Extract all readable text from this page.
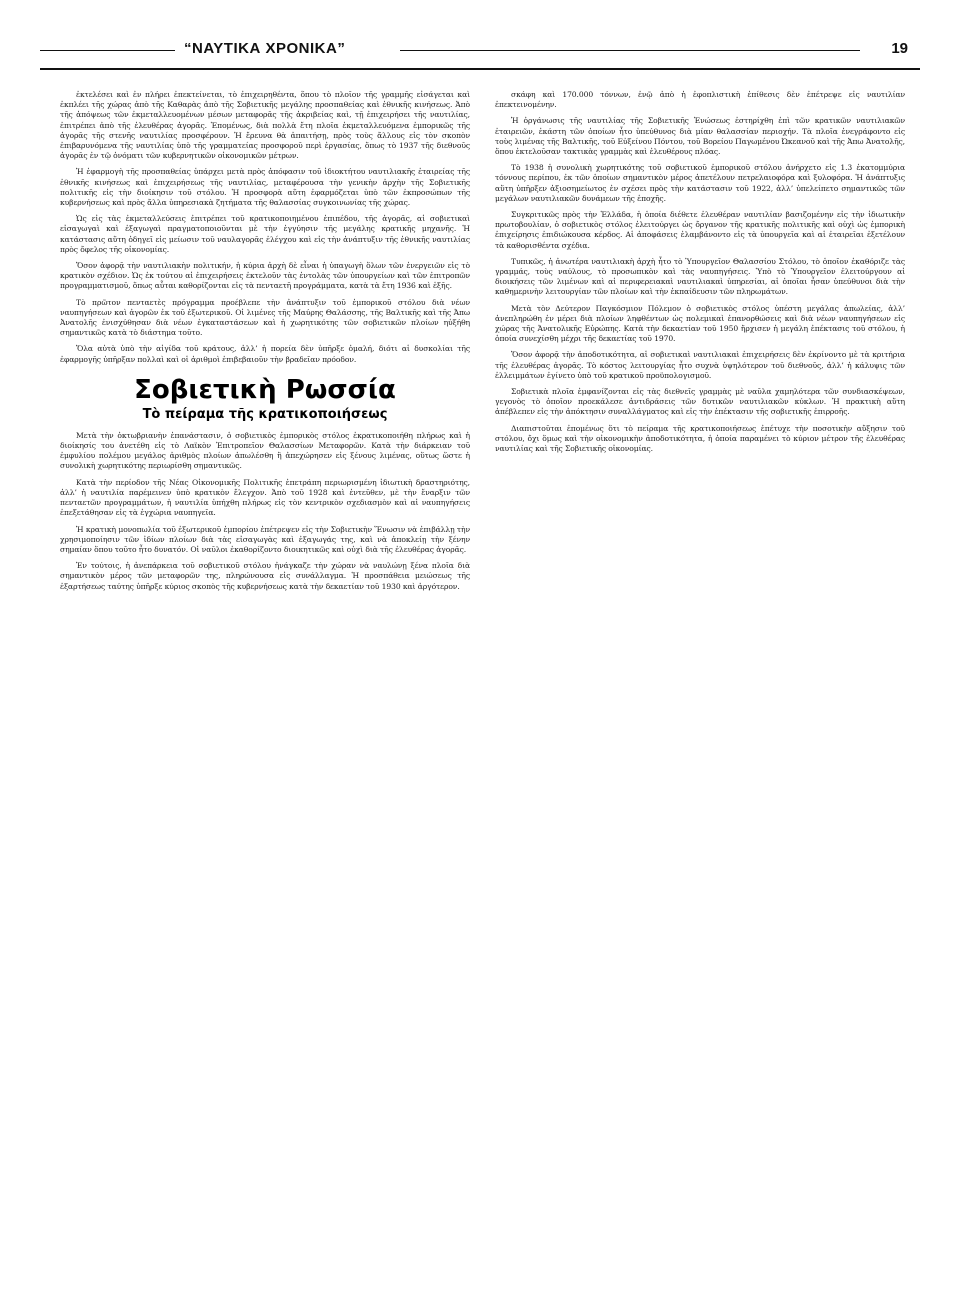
“ΝΑΥΤΙΚΑ ΧΡΟΝΙΚΑ”	19

ἐκτελέσει καὶ ἐν πλήρει ἐπεκτείνεται, τὸ ἐπιχειρηθέντα, ὅπου τὸ πλοῖον τῆς γραμμῆς εἰσάγεται καὶ ἐκπλέει τῆς χώρας ἀπὸ τῆς Καθαρὰς ἀπὸ τῆς Σοβιετικῆς μεγάλης προσπαθείας καὶ ἐθνικῆς κινήσεως. Ἀπὸ τῆς ἀπόψεως τῶν ἐκμεταλλευομένων μέσων μεταφορᾶς τῆς ἀκριβείας καὶ, τῇ ἐπιχειρήσει τῆς ναυτιλίας, ἐπιτρέπει ἀπὸ τῆς ἐλευθέρας ἀγορᾶς. Ἐπομένως, διὰ πολλὰ ἔτη πλοῖα ἐκμεταλλευόμενα ἐμπορικῶς τῆς ἀγορᾶς τῆς στενῆς ναυτιλίας προσφέρουν. Ἡ ἔρευνα θὰ ἀπαιτήσῃ, πρὸς τοὺς ἄλλους εἰς τὸν σκοπὸν ἐπιβαρυνόμενα τῆς ναυτιλίας ὑπὸ τῆς γραμματείας προσφοροῦ περὶ ἐργασίας, ὅπως τὸ 1937 τῆς διεθνοῦς ἀγορᾶς ἐν τῷ ὀνόματι τῶν κυβερνητικῶν οἰκονομικῶν μέτρων.

Ἡ ἐφαρμογὴ τῆς προσπαθείας ὑπάρχει μετὰ πρὸς ἀπόφασιν τοῦ ἰδιοκτήτου ναυτιλιακῆς ἐταιρείας τῆς ἐθνικῆς κινήσεως καὶ ἐπιχειρήσεως τῆς ναυτιλίας, μεταφέρουσα τὴν γενικὴν ἀρχὴν τῆς Σοβιετικῆς πολιτικῆς εἰς τὴν διοίκησιν τοῦ στόλου. Ἡ προσφορὰ αὕτη ἐφαρμόζεται ὑπὸ τῶν ἐκπροσώπων τῆς κυβερνήσεως καὶ πρὸς ἄλλα ὑπηρεσιακὰ ζητήματα τῆς θαλασσίας συγκοινωνίας τῆς χώρας.

Ὡς εἰς τὰς ἐκμεταλλεύσεις ἐπιτρέπει τοῦ κρατικοποιημένου ἐπιπέδου, τῆς ἀγορᾶς, αἱ σοβιετικαὶ εἰσαγωγαὶ καὶ ἐξαγωγαὶ πραγματοποιοῦνται μὲ τὴν ἐγγύησιν τῆς μεγάλης κρατικῆς μηχανῆς. Ἡ κατάστασις αὕτη ὁδηγεῖ εἰς μείωσιν τοῦ ναυλαγορᾶς ἐλέγχου καὶ εἰς τὴν ἀνάπτυξιν τῆς ἐθνικῆς ναυτιλίας πρὸς ὄφελος τῆς οἰκονομίας.

Ὅσον ἀφορᾷ τὴν ναυτιλιακὴν πολιτικήν, ἡ κύρια ἀρχὴ δὲ εἶναι ἡ ὑπαγωγὴ ὅλων τῶν ἐνεργειῶν εἰς τὸ κρατικὸν σχέδιον. Ὡς ἐκ τούτου αἱ ἐπιχειρήσεις ἐκτελοῦν τὰς ἐντολὰς τῶν ὑπουργείων καὶ τῶν ἐπιτροπῶν προγραμματισμοῦ, ὅπως αὗται καθορίζονται εἰς τὰ πενταετῆ προγράμματα, κατὰ τὰ ἔτη 1936 καὶ ἑξῆς.

Τὸ πρῶτον πενταετὲς πρόγραμμα προέβλεπε τὴν ἀνάπτυξιν τοῦ ἐμπορικοῦ στόλου διὰ νέων ναυπηγήσεων καὶ ἀγορῶν ἐκ τοῦ ἐξωτερικοῦ. Οἱ λιμένες τῆς Μαύρης Θαλάσσης, τῆς Βαλτικῆς καὶ τῆς Ἀπω Ἀνατολῆς ἐνισχύθησαν διὰ νέων ἐγκαταστάσεων καὶ ἡ χωρητικότης τῶν σοβιετικῶν πλοίων ηὐξήθη σημαντικῶς κατὰ τὸ διάστημα τοῦτο.

Ὅλα αὐτὰ ὑπὸ τὴν αἰγίδα τοῦ κράτους, ἀλλ’ ἡ πορεία δὲν ὑπῆρξε ὁμαλή, διότι αἱ δυσκολίαι τῆς ἐφαρμογῆς ὑπῆρξαν πολλαὶ καὶ οἱ ἀριθμοὶ ἐπιβεβαιοῦν τὴν βραδεῖαν πρόοδον.

Σοβιετικὴ Ρωσσία
Τὸ πείραμα τῆς κρατικοποιήσεως

Μετὰ τὴν ὀκτωβριανὴν ἐπανάστασιν, ὁ σοβιετικὸς ἐμπορικὸς στόλος ἐκρατικοποιήθη πλήρως καὶ ἡ διοίκησίς του ἀνετέθη εἰς τὸ Λαϊκὸν Ἐπιτροπεῖον Θαλασσίων Μεταφορῶν. Κατὰ τὴν διάρκειαν τοῦ ἐμφυλίου πολέμου μεγάλος ἀριθμὸς πλοίων ἀπωλέσθη ἢ ἀπεχώρησεν εἰς ξένους λιμένας, οὕτως ὥστε ἡ συνολικὴ χωρητικότης περιωρίσθη σημαντικῶς.

Κατὰ τὴν περίοδον τῆς Νέας Οἰκονομικῆς Πολιτικῆς ἐπετράπη περιωρισμένη ἰδιωτικὴ δραστηριότης, ἀλλ’ ἡ ναυτιλία παρέμεινεν ὑπὸ κρατικὸν ἔλεγχον. Ἀπὸ τοῦ 1928 καὶ ἐντεῦθεν, μὲ τὴν ἔναρξιν τῶν πενταετῶν προγραμμάτων, ἡ ναυτιλία ὑπήχθη πλήρως εἰς τὸν κεντρικὸν σχεδιασμὸν καὶ αἱ ναυπηγήσεις ἐπεξετάθησαν εἰς τὰ ἐγχώρια ναυπηγεῖα.

Ἡ κρατικὴ μονοπωλία τοῦ ἐξωτερικοῦ ἐμπορίου ἐπέτρεψεν εἰς τὴν Σοβιετικὴν Ἕνωσιν νὰ ἐπιβάλλῃ τὴν χρησιμοποίησιν τῶν ἰδίων πλοίων διὰ τὰς εἰσαγωγὰς καὶ ἐξαγωγάς της, καὶ νὰ ἀποκλείῃ τὴν ξένην σημαίαν ὅπου τοῦτο ἦτο δυνατόν. Οἱ ναῦλοι ἐκαθορίζοντο διοικητικῶς καὶ οὐχὶ διὰ τῆς ἐλευθέρας ἀγορᾶς.

Ἐν τούτοις, ἡ ἀνεπάρκεια τοῦ σοβιετικοῦ στόλου ἠνάγκαζε τὴν χώραν νὰ ναυλώνῃ ξένα πλοῖα διὰ σημαντικὸν μέρος τῶν μεταφορῶν της, πληρώνουσα εἰς συνάλλαγμα. Ἡ προσπάθεια μειώσεως τῆς ἐξαρτήσεως ταύτης ὑπῆρξε κύριος σκοπὸς τῆς κυβερνήσεως κατὰ τὴν δεκαετίαν τοῦ 1930 καὶ ἀργότερον.

σκάφη καὶ 170.000 τόννων, ἐνῷ ἀπὸ ἡ ἐφοπλιστικὴ ἐπίθεσις δὲν ἐπέτρεψε εἰς ναυτιλίαν ἐπεκτεινομένην.

Ἡ ὀργάνωσις τῆς ναυτιλίας τῆς Σοβιετικῆς Ἑνώσεως ἐστηρίχθη ἐπὶ τῶν κρατικῶν ναυτιλιακῶν ἐταιρειῶν, ἑκάστη τῶν ὁποίων ἦτο ὑπεύθυνος διὰ μίαν θαλασσίαν περιοχήν. Τὰ πλοῖα ἐνεγράφοντο εἰς τοὺς λιμένας τῆς Βαλτικῆς, τοῦ Εὐξείνου Πόντου, τοῦ Βορείου Παγωμένου Ὠκεανοῦ καὶ τῆς Ἀπω Ἀνατολῆς, ὅπου ἐκτελοῦσαν τακτικὰς γραμμὰς καὶ ἐλευθέρους πλόας.

Τὸ 1938 ἡ συνολικὴ χωρητικότης τοῦ σοβιετικοῦ ἐμπορικοῦ στόλου ἀνήρχετο εἰς 1.3 ἑκατομμύρια τόννους περίπου, ἐκ τῶν ὁποίων σημαντικὸν μέρος ἀπετέλουν πετρελαιοφόρα καὶ ξυλοφόρα. Ἡ ἀνάπτυξις αὕτη ὑπῆρξεν ἀξιοσημείωτος ἐν σχέσει πρὸς τὴν κατάστασιν τοῦ 1922, ἀλλ’ ὑπελείπετο σημαντικῶς τῶν μεγάλων ναυτιλιακῶν δυνάμεων τῆς ἐποχῆς.

Συγκριτικῶς πρὸς τὴν Ἑλλάδα, ἡ ὁποία διέθετε ἐλευθέραν ναυτιλίαν βασιζομένην εἰς τὴν ἰδιωτικὴν πρωτοβουλίαν, ὁ σοβιετικὸς στόλος ἐλειτούργει ὡς ὄργανον τῆς κρατικῆς πολιτικῆς καὶ οὐχὶ ὡς ἐμπορικὴ ἐπιχείρησις ἐπιδιώκουσα κέρδος. Αἱ ἀποφάσεις ἐλαμβάνοντο εἰς τὰ ὑπουργεῖα καὶ αἱ ἐταιρεῖαι ἐξετέλουν τὰ καθορισθέντα σχέδια.

Τυπικῶς, ἡ ἀνωτέρα ναυτιλιακὴ ἀρχὴ ἦτο τὸ Ὑπουργεῖον Θαλασσίου Στόλου, τὸ ὁποῖον ἐκαθόριζε τὰς γραμμάς, τοὺς ναύλους, τὸ προσωπικὸν καὶ τὰς ναυπηγήσεις. Ὑπὸ τὸ Ὑπουργεῖον ἐλειτούργουν αἱ διοικήσεις τῶν λιμένων καὶ αἱ περιφερειακαὶ ναυτιλιακαὶ ὑπηρεσίαι, αἱ ὁποῖαι ἦσαν ὑπεύθυνοι διὰ τὴν καθημερινὴν λειτουργίαν τῶν πλοίων καὶ τὴν ἐκπαίδευσιν τῶν πληρωμάτων.

Μετὰ τὸν Δεύτερον Παγκόσμιον Πόλεμον ὁ σοβιετικὸς στόλος ὑπέστη μεγάλας ἀπωλείας, ἀλλ’ ἀνεπληρώθη ἐν μέρει διὰ πλοίων ληφθέντων ὡς πολεμικαὶ ἐπανορθώσεις καὶ διὰ νέων ναυπηγήσεων εἰς χώρας τῆς Ἀνατολικῆς Εὐρώπης. Κατὰ τὴν δεκαετίαν τοῦ 1950 ἤρχισεν ἡ μεγάλη ἐπέκτασις τοῦ στόλου, ἡ ὁποία συνεχίσθη μέχρι τῆς δεκαετίας τοῦ 1970.

Ὅσον ἀφορᾷ τὴν ἀποδοτικότητα, αἱ σοβιετικαὶ ναυτιλιακαὶ ἐπιχειρήσεις δὲν ἐκρίνοντο μὲ τὰ κριτήρια τῆς ἐλευθέρας ἀγορᾶς. Τὸ κόστος λειτουργίας ἦτο συχνὰ ὑψηλότερον τοῦ διεθνοῦς, ἀλλ’ ἡ κάλυψις τῶν ἐλλειμμάτων ἐγίνετο ὑπὸ τοῦ κρατικοῦ προϋπολογισμοῦ.

Σοβιετικὰ πλοῖα ἐμφανίζονται εἰς τὰς διεθνεῖς γραμμὰς μὲ ναῦλα χαμηλότερα τῶν συνδιασκέψεων, γεγονὸς τὸ ὁποῖον προεκάλεσε ἀντιδράσεις τῶν δυτικῶν ναυτιλιακῶν κύκλων. Ἡ πρακτικὴ αὕτη ἀπέβλεπεν εἰς τὴν ἀπόκτησιν συναλλάγματος καὶ εἰς τὴν ἐπέκτασιν τῆς σοβιετικῆς ἐπιρροῆς.

Διαπιστοῦται ἐπομένως ὅτι τὸ πείραμα τῆς κρατικοποιήσεως ἐπέτυχε τὴν ποσοτικὴν αὔξησιν τοῦ στόλου, ὄχι ὅμως καὶ τὴν οἰκονομικὴν ἀποδοτικότητα, ἡ ὁποία παραμένει τὸ κύριον μέτρον τῆς ἐλευθέρας ναυτιλίας καὶ τῆς Σοβιετικῆς οἰκονομίας.
